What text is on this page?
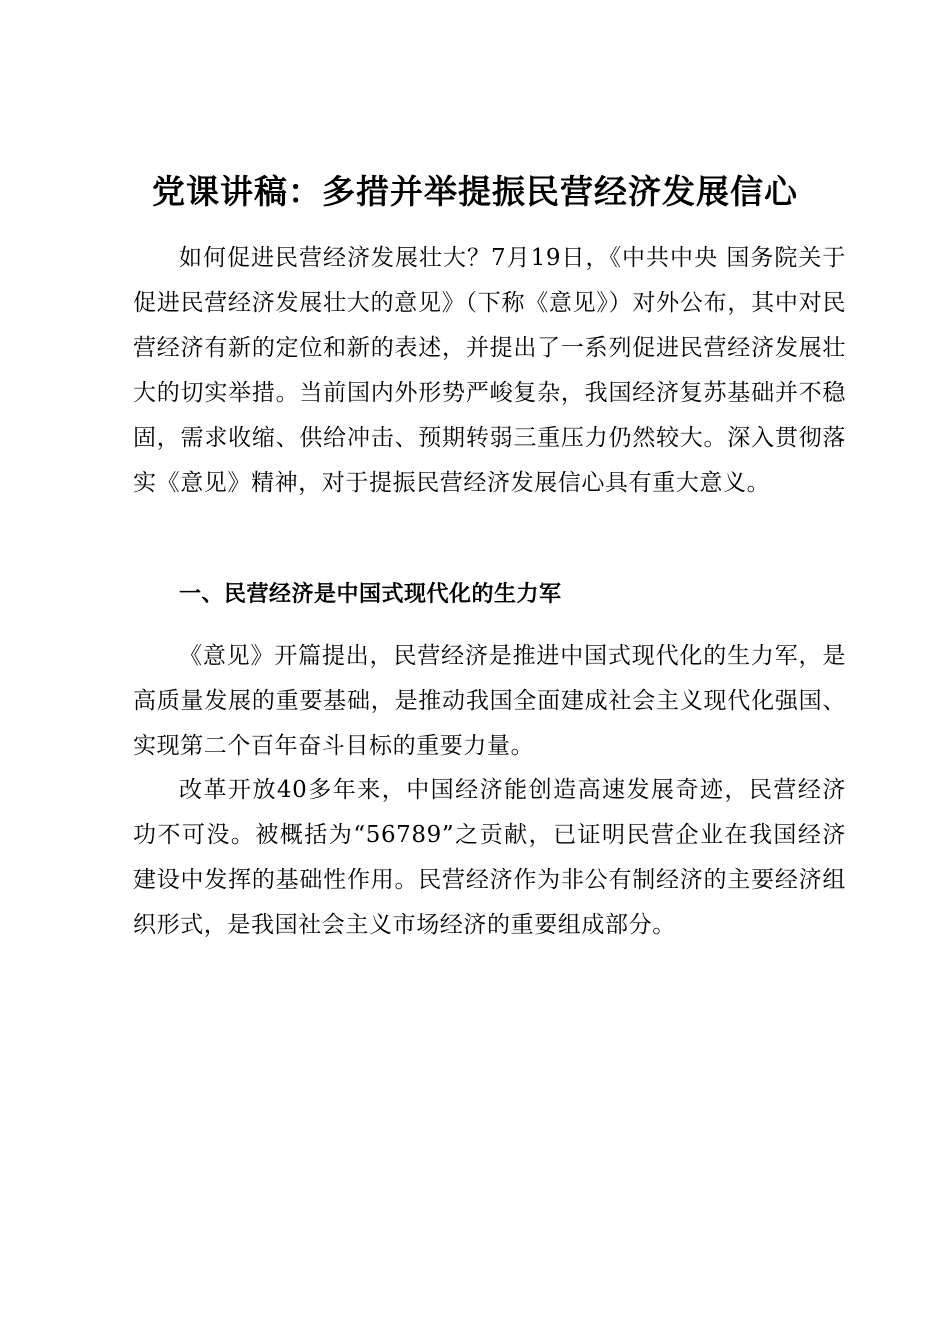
党课讲稿：多措并举提振民营经济发展信心

如何促进民营经济发展壮大？7月19日，《中共中央 国务院关于促进民营经济发展壮大的意见》（下称《意见》）对外公布，其中对民营经济有新的定位和新的表述，并提出了一系列促进民营经济发展壮大的切实举措。当前国内外形势严峻复杂，我国经济复苏基础并不稳固，需求收缩、供给冲击、预期转弱三重压力仍然较大。深入贯彻落实《意见》精神，对于提振民营经济发展信心具有重大意义。

一、民营经济是中国式现代化的生力军

《意见》开篇提出，民营经济是推进中国式现代化的生力军，是高质量发展的重要基础，是推动我国全面建成社会主义现代化强国、实现第二个百年奋斗目标的重要力量。

改革开放40多年来，中国经济能创造高速发展奇迹，民营经济功不可没。被概括为“56789”之贡献，已证明民营企业在我国经济建设中发挥的基础性作用。民营经济作为非公有制经济的主要经济组织形式，是我国社会主义市场经济的重要组成部分。
